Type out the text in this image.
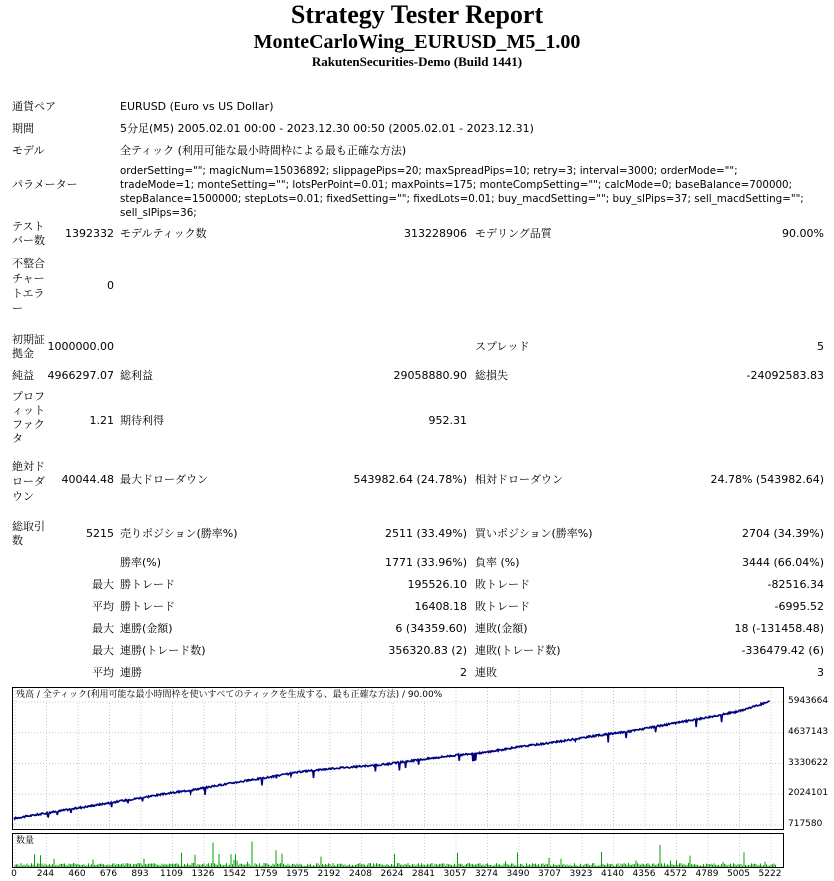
Strategy Tester Report
MonteCarloWing_EURUSD_M5_1.00
RakutenSecurities-Demo (Build 1441)
通貨ペア	EURUSD (Euro vs US Dollar)
期間	5分足(M5) 2005.02.01 00:00 - 2023.12.30 00:50 (2005.02.01 - 2023.12.31)
モデル	全ティック (利用可能な最小時間枠による最も正確な方法)
パラメーター
orderSetting=""; magicNum=15036892; slippagePips=20; maxSpreadPips=10; retry=3; interval=3000; orderMode=""; tradeMode=1; monteSetting=""; lotsPerPoint=0.01; maxPoints=175; monteCompSetting=""; calcMode=0; baseBalance=700000; stepBalance=1500000; stepLots=0.01; fixedSetting=""; fixedLots=0.01; buy_macdSetting=""; buy_slPips=37; sell_macdSetting=""; sell_slPips=36;
テストバー数
1392332 モデルティック数	313228906 モデリング品質	90.00%
不整合チャートエラー
0
初期証拠金
1000000.00	スプレッド	5
純益	4966297.07 総利益	29058880.90 総損失	-24092583.83
プロフィットファクタ
1.21 期待利得	952.31
絶対ドローダウン
40044.48 最大ドローダウン	543982.64 (24.78%) 相対ドローダウン	24.78% (543982.64)
総取引数
5215 売りポジション(勝率%)	2511 (33.49%) 買いポジション(勝率%)	2704 (34.39%)
勝率(%)	1771 (33.96%) 負率 (%)	3444 (66.04%)
最大 勝トレード	195526.10 敗トレード	-82516.34
平均 勝トレード	16408.18 敗トレード	-6995.52
最大 連勝(金額)	6 (34359.60) 連敗(金額)	18 (-131458.48)
最大 連勝(トレード数)	356320.83 (2) 連敗(トレード数)	-336479.42 (6)
平均 連勝	2 連敗	3
残高 / 全ティック(利用可能な最小時間枠を使いすべてのティックを生成する、最も正確な方法) / 90.00%
5943664
4637143
3330622
2024101
717580
数量
0 244 460 676 893 1109 1326 1542 1759 1975 2192 2408 2624 2841 3057 3274 3490 3707 3923 4140 4356 4572 4789 5005 5222
